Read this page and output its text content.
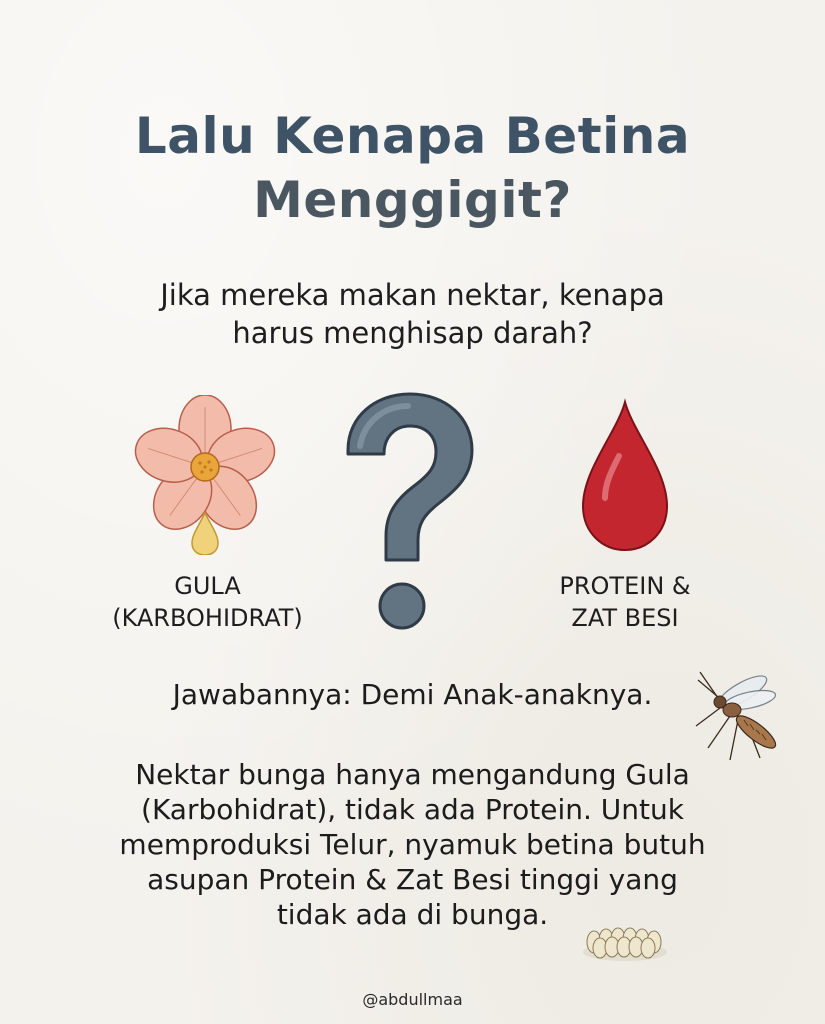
Lalu Kenapa Betina
Menggigit?
Jika mereka makan nektar, kenapa
harus menghisap darah?
GULA
(KARBOHIDRAT)
PROTEIN &
ZAT BESI
Jawabannya: Demi Anak-anaknya.
Nektar bunga hanya mengandung Gula
(Karbohidrat), tidak ada Protein. Untuk
memproduksi Telur, nyamuk betina butuh
asupan Protein & Zat Besi tinggi yang
tidak ada di bunga.
@abdullmaa
